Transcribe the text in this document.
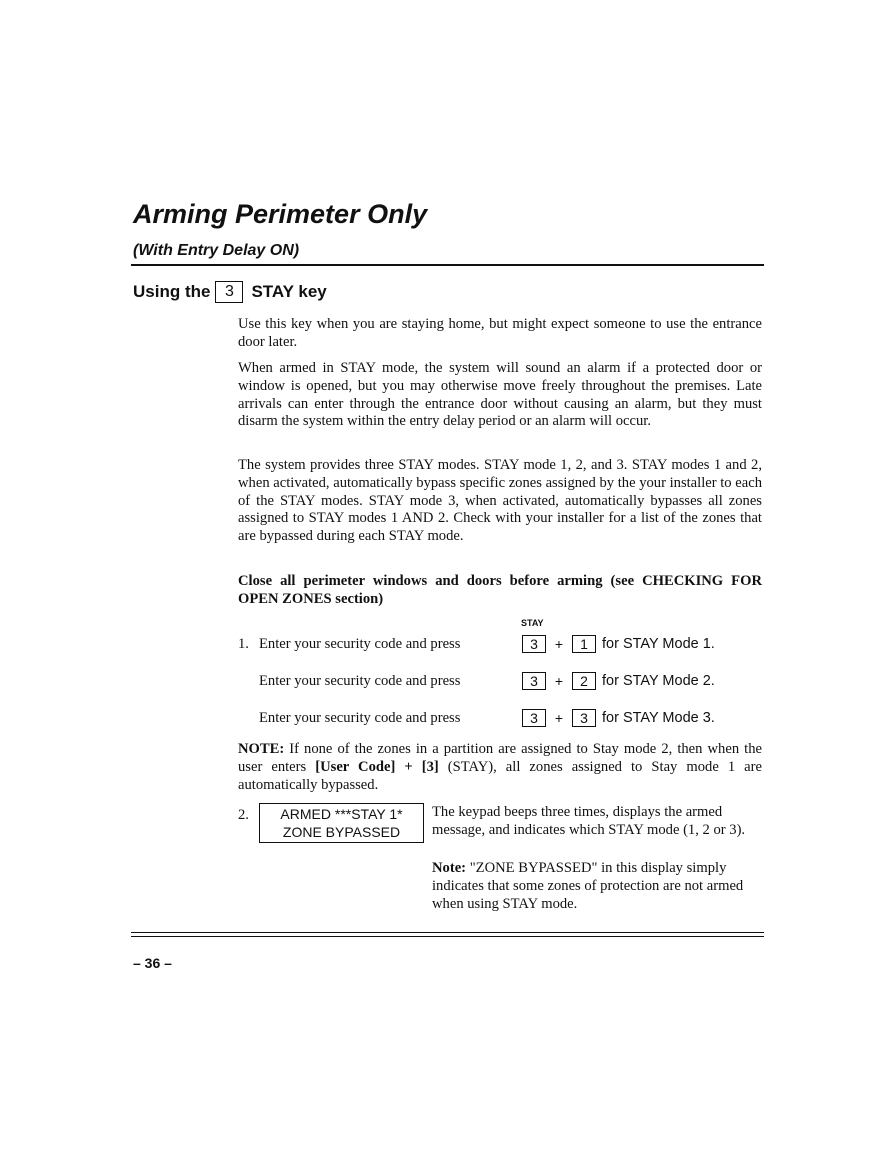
Arming Perimeter Only
(With Entry Delay ON)
Using the 3	STAY key

Use this key when you are staying home, but might expect someone to use the entrance door later.

When armed in STAY mode, the system will sound an alarm if a protected door or window is opened, but you may otherwise move freely throughout the premises. Late arrivals can enter through the entrance door without causing an alarm, but they must disarm the system within the entry delay period or an alarm will occur.

The system provides three STAY modes. STAY mode 1, 2, and 3. STAY modes 1 and 2, when activated, automatically bypass specific zones assigned by the your installer to each of the STAY modes. STAY mode 3, when activated, automatically bypasses all zones assigned to STAY modes 1 AND 2. Check with your installer for a list of the zones that are bypassed during each STAY mode.

Close all perimeter windows and doors before arming (see CHECKING FOR OPEN ZONES section)

STAY
1. Enter your security code and press	3	+	1 for STAY Mode 1.
Enter your security code and press	3	+	2 for STAY Mode 2.
Enter your security code and press	3	+	3 for STAY Mode 3.

NOTE: If none of the zones in a partition are assigned to Stay mode 2, then when the user enters [User Code] + [3] (STAY), all zones assigned to Stay mode 1 are automatically bypassed.

2.	ARMED ***STAY 1*
ZONE BYPASSED

The keypad beeps three times, displays the armed message, and indicates which STAY mode (1, 2 or 3).

Note: "ZONE BYPASSED" in this display simply indicates that some zones of protection are not armed when using STAY mode.

– 36 –
